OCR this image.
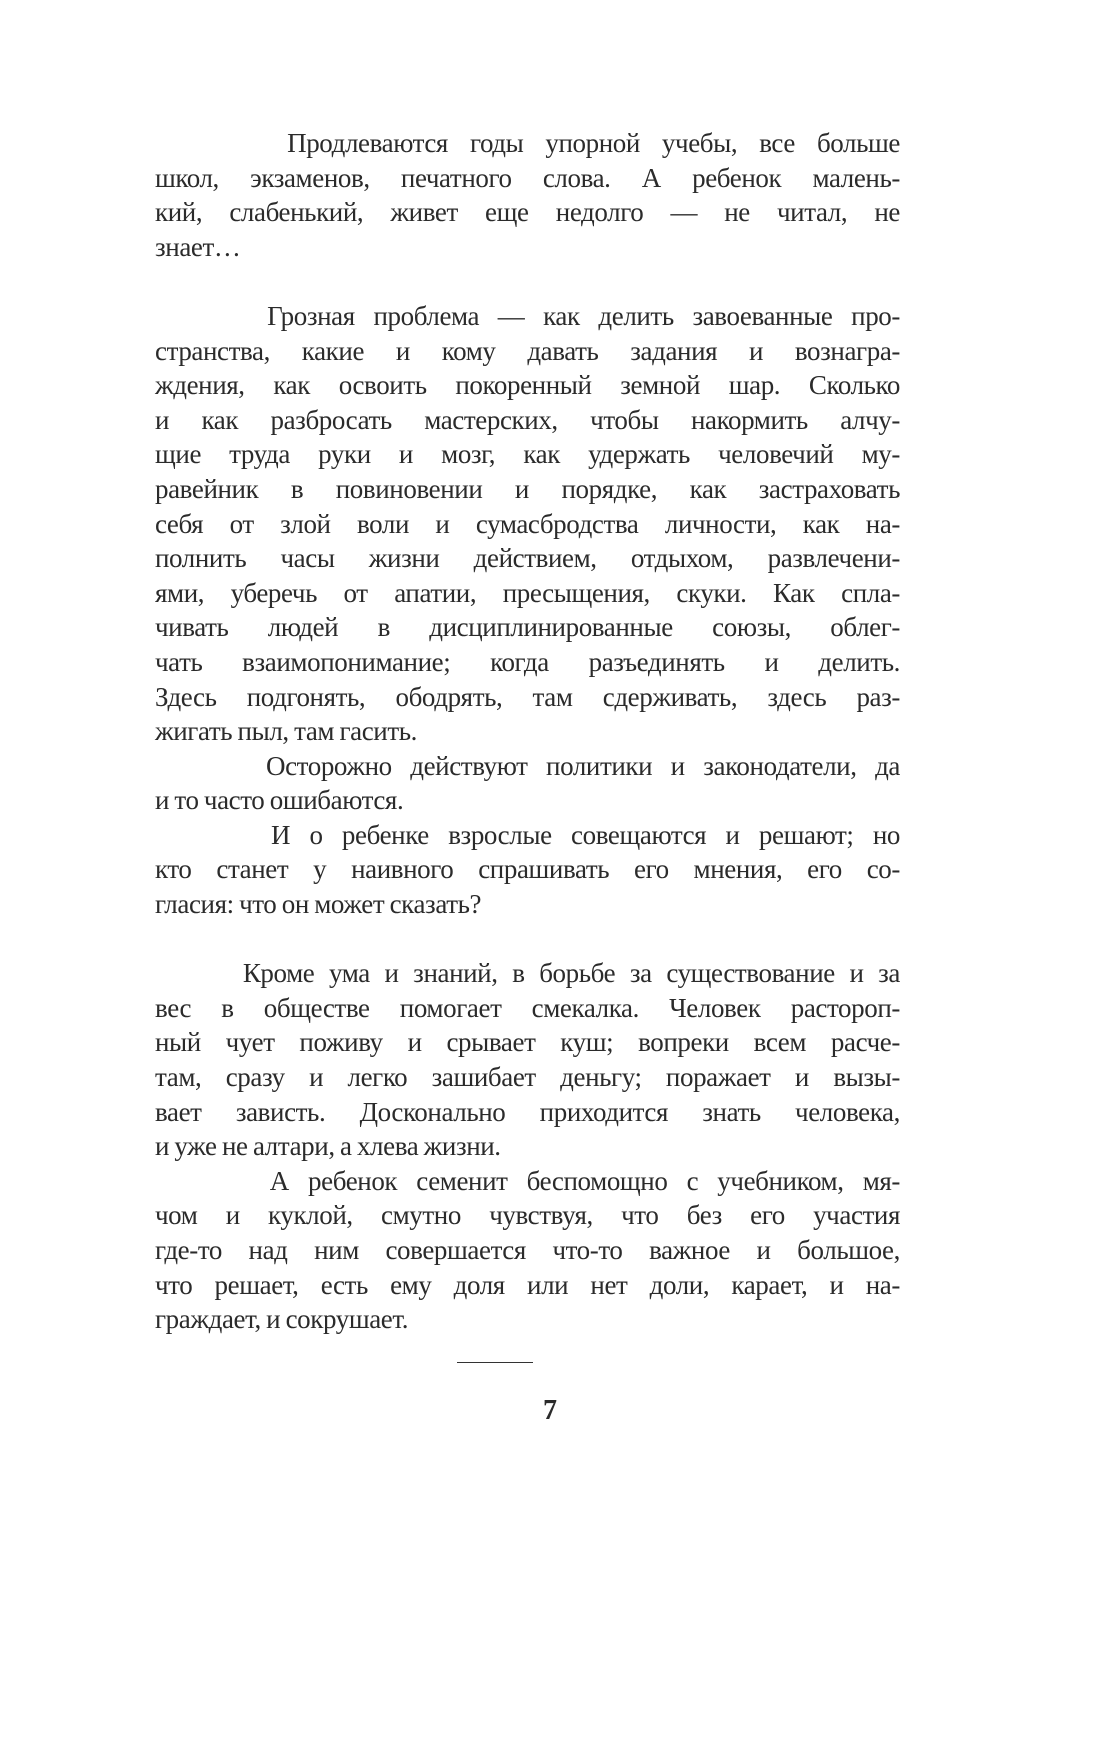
Продлеваются годы упорной учебы, все больше
школ, экзаменов, печатного слова. А ребенок малень-
кий, слабенький, живет еще недолго — не читал, не
знает…
Грозная проблема — как делить завоеванные про-
странства, какие и кому давать задания и вознагра-
ждения, как освоить покоренный земной шар. Сколько
и как разбросать мастерских, чтобы накормить алчу-
щие труда руки и мозг, как удержать человечий му-
равейник в повиновении и порядке, как застраховать
себя от злой воли и сумасбродства личности, как на-
полнить часы жизни действием, отдыхом, развлечени-
ями, уберечь от апатии, пресыщения, скуки. Как спла-
чивать людей в дисциплинированные союзы, облег-
чать взаимопонимание; когда разъединять и делить.
Здесь подгонять, ободрять, там сдерживать, здесь раз-
жигать пыл, там гасить.
Осторожно действуют политики и законодатели, да
и то часто ошибаются.
И о ребенке взрослые совещаются и решают; но
кто станет у наивного спрашивать его мнения, его со-
гласия: что он может сказать?
Кроме ума и знаний, в борьбе за существование и за
вес в обществе помогает смекалка. Человек растороп-
ный чует поживу и срывает куш; вопреки всем расче-
там, сразу и легко зашибает деньгу; поражает и вызы-
вает зависть. Досконально приходится знать человека,
и уже не алтари, а хлева жизни.
А ребенок семенит беспомощно с учебником, мя-
чом и куклой, смутно чувствуя, что без его участия
где-то над ним совершается что-то важное и большое,
что решает, есть ему доля или нет доли, карает, и на-
граждает, и сокрушает.
7
